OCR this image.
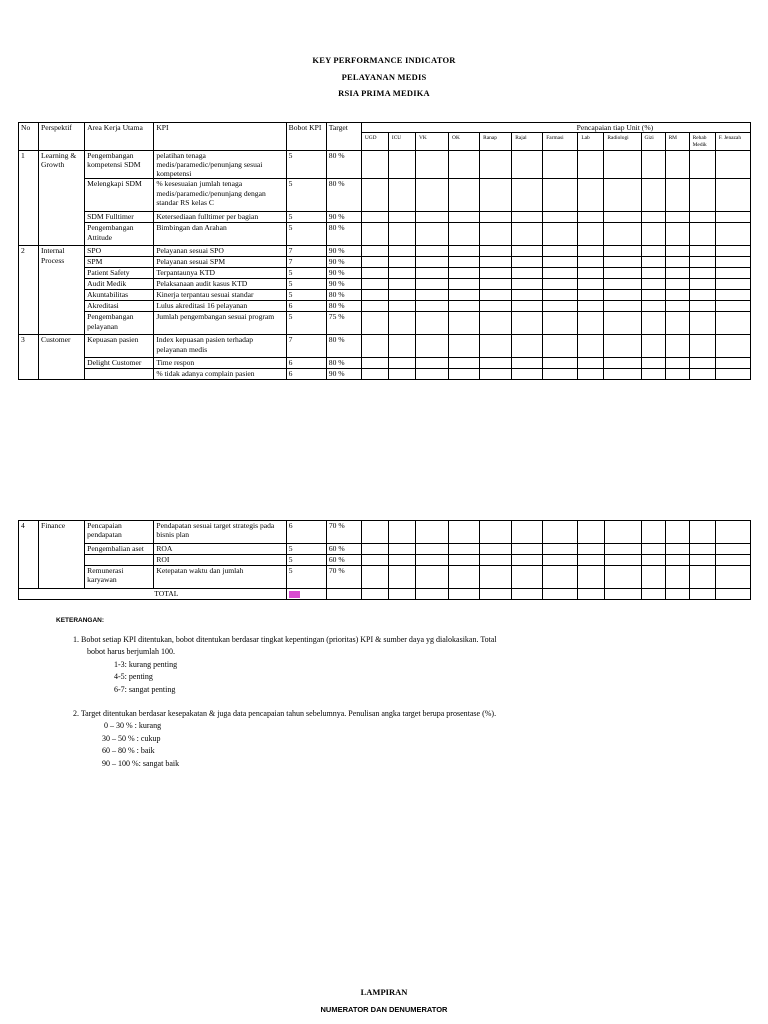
KEY PERFORMANCE INDICATOR
PELAYANAN MEDIS
RSIA PRIMA MEDIKA
No	Perspektif	Area Kerja Utama	KPI	Bobot KPI	Target	Pencapaian tiap Unit (%)												
						UGD	ICU	VK	OK	Ranap	Rajal	Farmasi	Lab	Radiologi	Gizi	RM	Rehab Medik	F. Jenazah
1	Learning & Growth	Pengembangan kompetensi SDM	pelatihan tenaga medis/paramedic/penunjang sesuai kompetensi	5	80 %													
		Melengkapi SDM	% kesesuaian jumlah tenaga medis/paramedic/penunjang dengan standar RS kelas C	5	80 %													
		SDM Fulltimer	Ketersediaan fulltimer per bagian	5	90 %													
		Pengembangan Attitude	Bimbingan dan Arahan	5	80 %													
2	Internal Process	SPO	Pelayanan sesuai SPO	7	90 %													
		SPM	Pelayanan sesuai SPM	7	90 %													
		Patient Safety	Terpantaunya KTD	5	90 %													
		Audit Medik	Pelaksanaan audit kasus KTD	5	90 %													
		Akuntabilitas	Kinerja terpantau sesuai standar	5	80 %													
		Akreditasi	Lulus akreditasi 16 pelayanan	6	80 %													
		Pengembangan pelayanan	Jumlah pengembangan sesuai program	5	75 %													
3	Customer	Kepuasan pasien	Index kepuasan pasien terhadap pelayanan medis	7	80 %													
		Delight Customer	Time respon	6	80 %													
			% tidak adanya complain pasien	6	90 %													
4	Finance	Pencapaian pendapatan	Pendapatan sesuai target strategis pada bisnis plan	6	70 %													
		Pengembalian aset	ROA	5	60 %													
			ROI	5	60 %													
		Remunerasi karyawan	Ketepatan waktu dan jumlah	5	70 %													
TOTAL				100														
KETERANGAN:
1. Bobot setiap KPI ditentukan, bobot ditentukan berdasar tingkat kepentingan (prioritas) KPI & sumber daya yg dialokasikan. Total
bobot harus berjumlah 100.
1-3: kurang penting
4-5: penting
6-7: sangat penting
2. Target ditentukan berdasar kesepakatan & juga data pencapaian tahun sebelumnya. Penulisan angka target berupa prosentase (%).
0 – 30 % : kurang
30 – 50 % : cukup
60 – 80 % : baik
90 – 100 %: sangat baik
LAMPIRAN
NUMERATOR DAN DENUMERATOR
